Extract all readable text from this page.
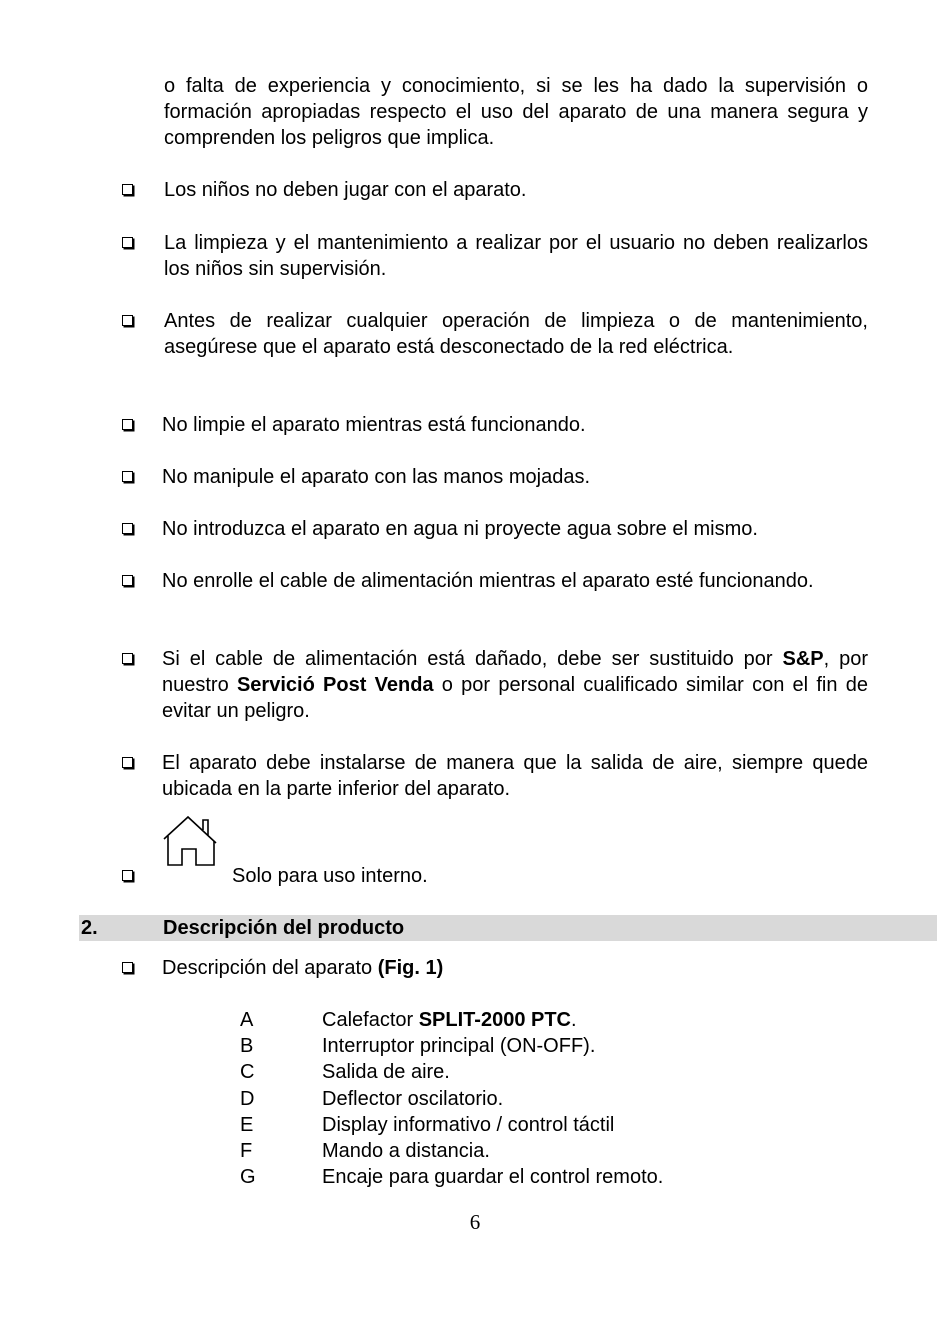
o falta de experiencia y conocimiento, si se les ha dado la supervisión o formación apropiadas respecto el uso del aparato de una manera segura y comprenden los peligros que implica.
Los niños no deben jugar con el aparato.
La limpieza y el mantenimiento a realizar por el usuario no deben realizarlos los niños sin supervisión.
Antes de realizar cualquier operación de limpieza o de mantenimiento, asegúrese que el aparato está desconectado de la red eléctrica.
No limpie el aparato mientras está funcionando.
No manipule el aparato con las manos mojadas.
No introduzca el aparato en agua ni proyecte agua sobre el mismo.
No enrolle el cable de alimentación mientras el aparato esté funcionando.
Si el cable de alimentación está dañado, debe ser sustituido por S&P, por nuestro Servició Post Venda o por personal cualificado similar con el fin de evitar un peligro.
El aparato debe instalarse de manera que la salida de aire, siempre quede ubicada en la parte inferior del aparato.
Solo para uso interno.
2.	Descripción del producto
Descripción del aparato (Fig. 1)
A	Calefactor SPLIT-2000 PTC.
B	Interruptor principal (ON-OFF).
C	Salida de aire.
D	Deflector oscilatorio.
E	Display informativo / control táctil
F	Mando a distancia.
G	Encaje para guardar el control remoto.
6
